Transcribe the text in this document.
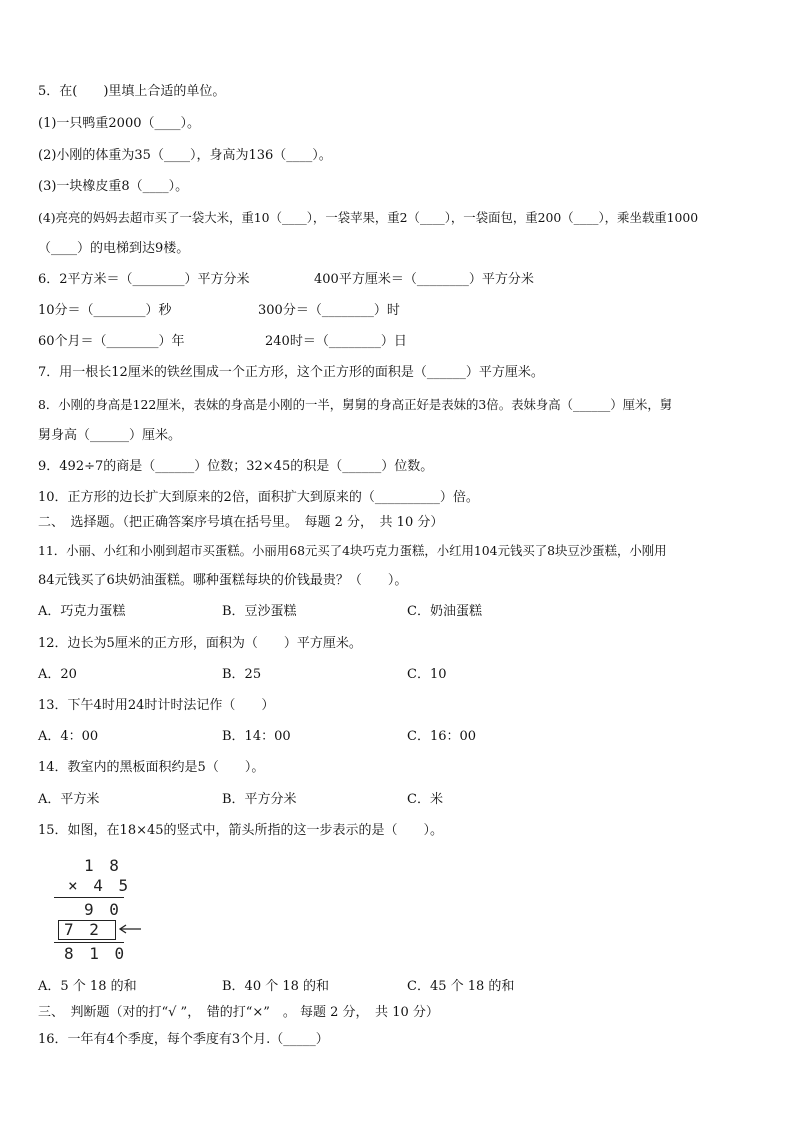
5．在(　　)里填上合适的单位。
(1)一只鸭重2000（____）。
(2)小刚的体重为35（____），身高为136（____）。
(3)一块橡皮重8（____）。
(4)亮亮的妈妈去超市买了一袋大米，重10（____），一袋苹果，重2（____），一袋面包，重200（____），乘坐载重1000
（____）的电梯到达9楼。
6．2平方米＝（________）平方分米	400平方厘米＝（________）平方分米
10分＝（________）秒	300分＝（________）时
60个月＝（________）年	240时＝（________）日
7．用一根长12厘米的铁丝围成一个正方形，这个正方形的面积是（______）平方厘米。
8．小刚的身高是122厘米，表妹的身高是小刚的一半，舅舅的身高正好是表妹的3倍。表妹身高（______）厘米，舅
舅身高（______）厘米。
9．492÷7的商是（______）位数；32×45的积是（______）位数。
10．正方形的边长扩大到原来的2倍，面积扩大到原来的（__________）倍。
二、　选择题。（把正确答案序号填在括号里。　每题 2 分，　共 10 分）
11．小丽、小红和小刚到超市买蛋糕。小丽用68元买了4块巧克力蛋糕，小红用104元钱买了8块豆沙蛋糕，小刚用
84元钱买了6块奶油蛋糕。哪种蛋糕每块的价钱最贵？（　　）。
A．巧克力蛋糕	B．豆沙蛋糕	C．奶油蛋糕
12．边长为5厘米的正方形，面积为（　　）平方厘米。
A．20	B．25	C．10
13．下午4时用24时计时法记作（　　）
A．4：00	B．14：00	C．16：00
14．教室内的黑板面积约是5（　　）。
A．平方米	B．平方分米	C．米
15．如图，在18×45的竖式中，箭头所指的这一步表示的是（　　）。
1 8
× 4 5
9 0
7 2
8 1 0
A．5 个 18 的和	B．40 个 18 的和	C．45 个 18 的和
三、　判断题（对的打“√ ”，　错的打“×”　。 每题 2 分，　共 10 分）
16．一年有4个季度，每个季度有3个月.（_____）
